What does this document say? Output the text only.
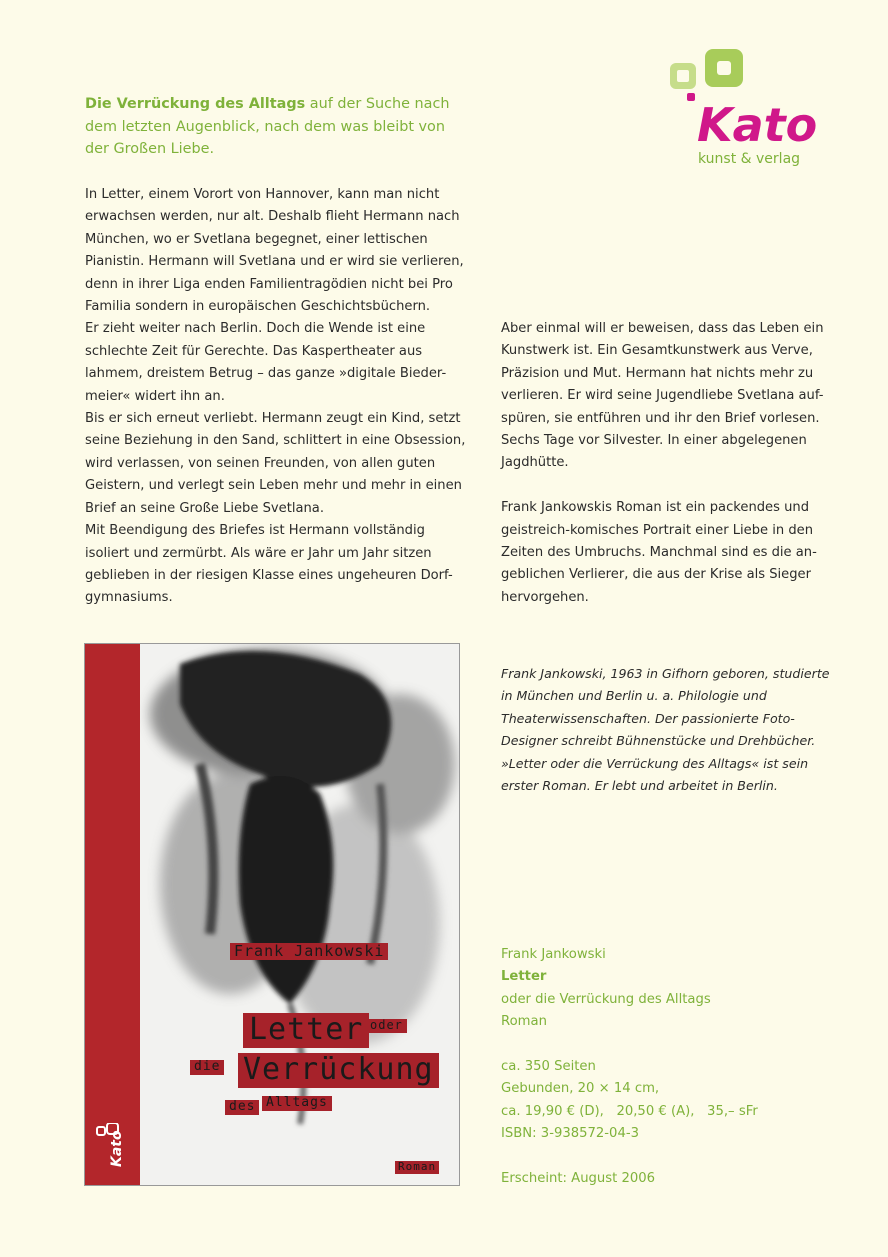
Kato
kunst & verlag
Die Verrückung des Alltags auf der Suche nach
dem letzten Augenblick, nach dem was bleibt von
der Großen Liebe.
In Letter, einem Vorort von Hannover, kann man nicht
erwachsen werden, nur alt. Deshalb flieht Hermann nach
München, wo er Svetlana begegnet, einer lettischen
Pianistin. Hermann will Svetlana und er wird sie verlieren,
denn in ihrer Liga enden Familientragödien nicht bei Pro
Familia sondern in europäischen Geschichtsbüchern.
Er zieht weiter nach Berlin. Doch die Wende ist eine
schlechte Zeit für Gerechte. Das Kaspertheater aus
lahmem, dreistem Betrug – das ganze »digitale Bieder-
meier« widert ihn an.
Bis er sich erneut verliebt. Hermann zeugt ein Kind, setzt
seine Beziehung in den Sand, schlittert in eine Obsession,
wird verlassen, von seinen Freunden, von allen guten
Geistern, und verlegt sein Leben mehr und mehr in einen
Brief an seine Große Liebe Svetlana.
Mit Beendigung des Briefes ist Hermann vollständig
isoliert und zermürbt. Als wäre er Jahr um Jahr sitzen
geblieben in der riesigen Klasse eines ungeheuren Dorf-
gymnasiums.
Aber einmal will er beweisen, dass das Leben ein
Kunstwerk ist. Ein Gesamtkunstwerk aus Verve,
Präzision und Mut. Hermann hat nichts mehr zu
verlieren. Er wird seine Jugendliebe Svetlana auf-
spüren, sie entführen und ihr den Brief vorlesen.
Sechs Tage vor Silvester. In einer abgelegenen
Jagdhütte.
Frank Jankowskis Roman ist ein packendes und
geistreich-komisches Portrait einer Liebe in den
Zeiten des Umbruchs. Manchmal sind es die an-
geblichen Verlierer, die aus der Krise als Sieger
hervorgehen.
Frank Jankowski, 1963 in Gifhorn geboren, studierte
in München und Berlin u. a. Philologie und
Theaterwissenschaften. Der passionierte Foto-
Designer schreibt Bühnenstücke und Drehbücher.
»Letter oder die Verrückung des Alltags« ist sein
erster Roman. Er lebt und arbeitet in Berlin.
Kato
Frank Jankowski
Letter oder
die Verrückung
des Alltags
Roman
Frank Jankowski
Letter
oder die Verrückung des Alltags
Roman
ca. 350 Seiten
Gebunden, 20 × 14 cm,
ca. 19,90 € (D),   20,50 € (A),   35,– sFr
ISBN: 3-938572-04-3
Erscheint: August 2006
